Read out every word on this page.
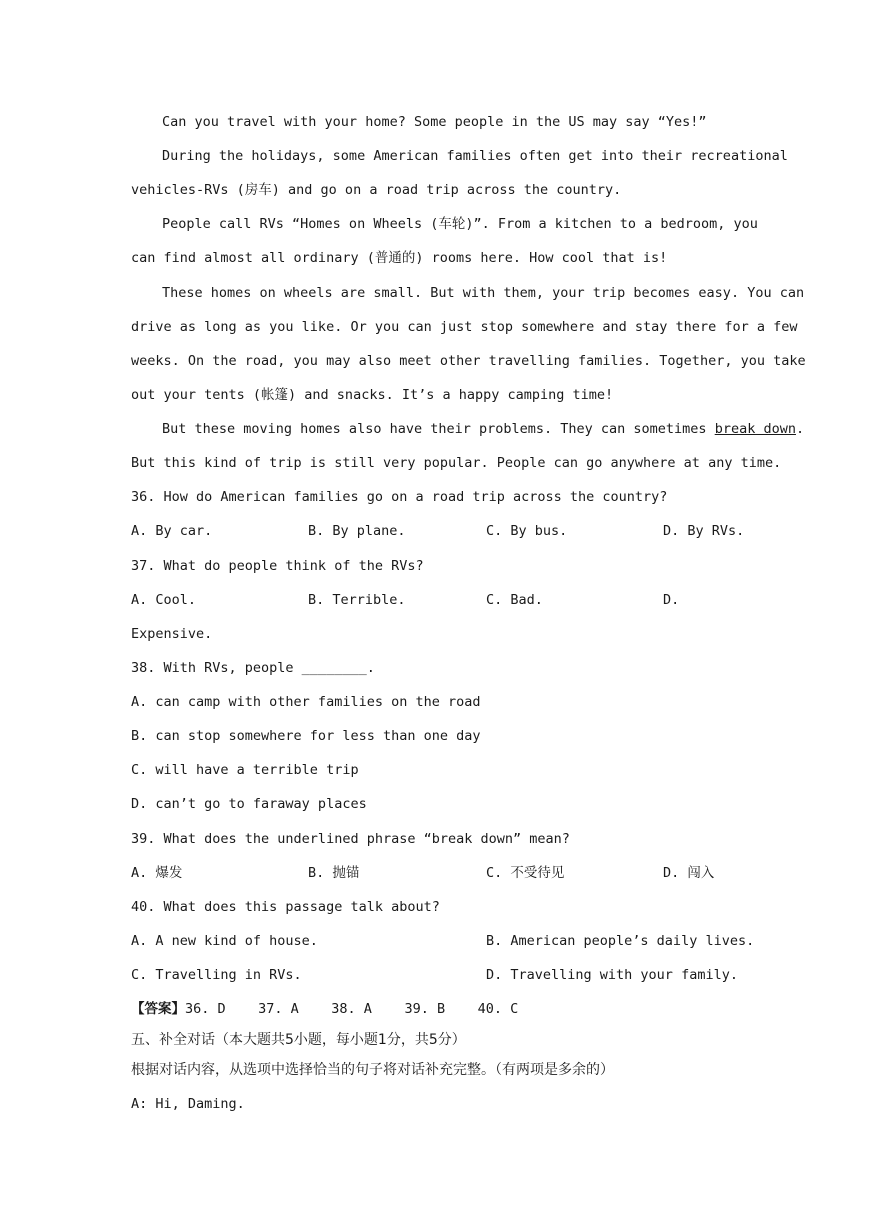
Can you travel with your home? Some people in the US may say “Yes!”
During the holidays, some American families often get into their recreational
vehicles-RVs (房车) and go on a road trip across the country.
People call RVs “Homes on Wheels (车轮)”. From a kitchen to a bedroom, you
can find almost all ordinary (普通的) rooms here. How cool that is!
These homes on wheels are small. But with them, your trip becomes easy. You can
drive as long as you like. Or you can just stop somewhere and stay there for a few
weeks. On the road, you may also meet other travelling families. Together, you take
out your tents (帐篷) and snacks. It’s a happy camping time!
But these moving homes also have their problems. They can sometimes break down.
But this kind of trip is still very popular. People can go anywhere at any time.
36. How do American families go on a road trip across the country?
A. By car.	B. By plane.	C. By bus.	D. By RVs.
37. What do people think of the RVs?
A. Cool.	B. Terrible.	C. Bad.	D.
Expensive.
38. With RVs, people ________.
A. can camp with other families on the road
B. can stop somewhere for less than one day
C. will have a terrible trip
D. can’t go to faraway places
39. What does the underlined phrase “break down” mean?
A. 爆发	B. 抛锚	C. 不受待见	D. 闯入
40. What does this passage talk about?
A. A new kind of house.	B. American people’s daily lives.
C. Travelling in RVs.	D. Travelling with your family.
【答案】36. D    37. A    38. A    39. B    40. C
五、补全对话（本大题共5小题，每小题1分，共5分）
根据对话内容，从选项中选择恰当的句子将对话补充完整。（有两项是多余的）
A: Hi, Daming.
